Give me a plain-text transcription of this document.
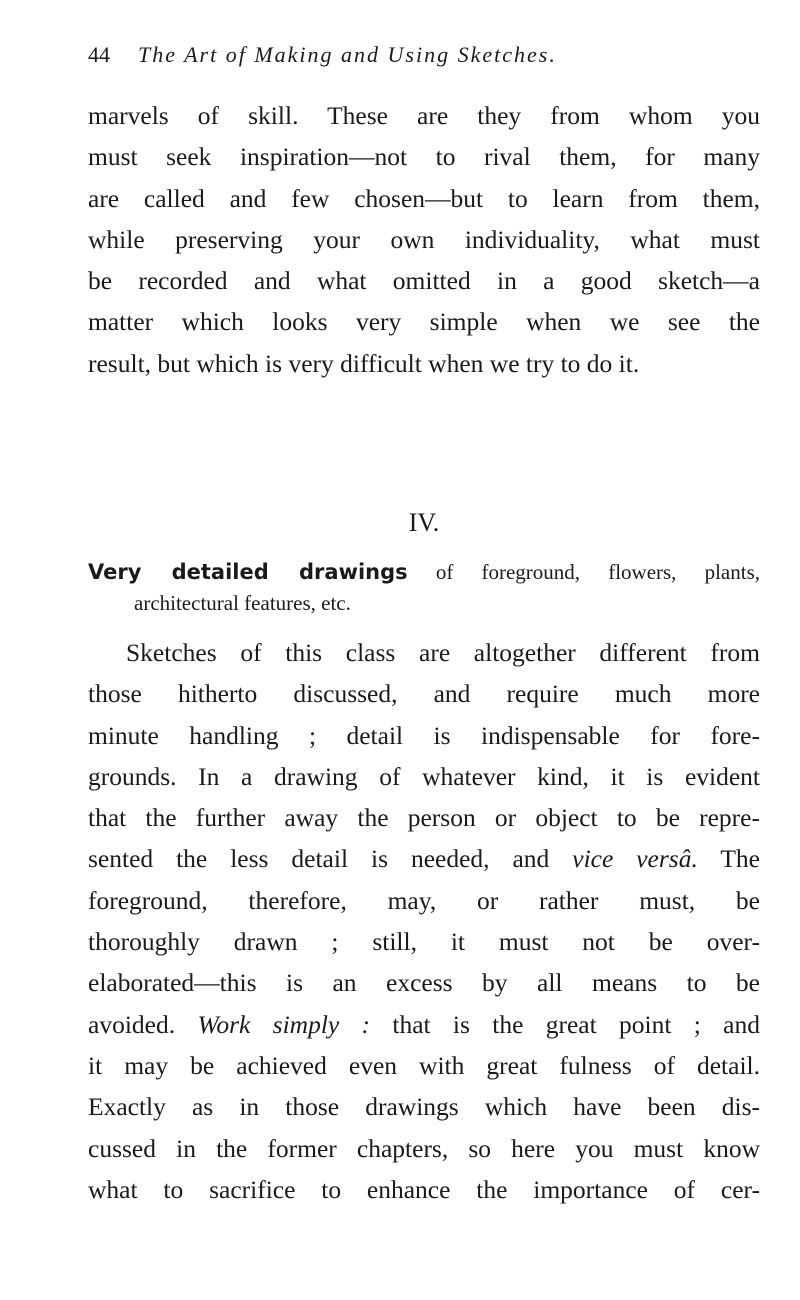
44 The Art of Making and Using Sketches.
marvels of skill. These are they from whom you
must seek inspiration—not to rival them, for many
are called and few chosen—but to learn from them,
while preserving your own individuality, what must
be recorded and what omitted in a good sketch—a
matter which looks very simple when we see the
result, but which is very difficult when we try to do it.
IV.
Very detailed drawings of foreground, flowers, plants,
architectural features, etc.
Sketches of this class are altogether different from
those hitherto discussed, and require much more
minute handling ; detail is indispensable for fore-
grounds. In a drawing of whatever kind, it is evident
that the further away the person or object to be repre-
sented the less detail is needed, and vice versâ. The
foreground, therefore, may, or rather must, be
thoroughly drawn ; still, it must not be over-
elaborated—this is an excess by all means to be
avoided. Work simply : that is the great point ; and
it may be achieved even with great fulness of detail.
Exactly as in those drawings which have been dis-
cussed in the former chapters, so here you must know
what to sacrifice to enhance the importance of cer-
